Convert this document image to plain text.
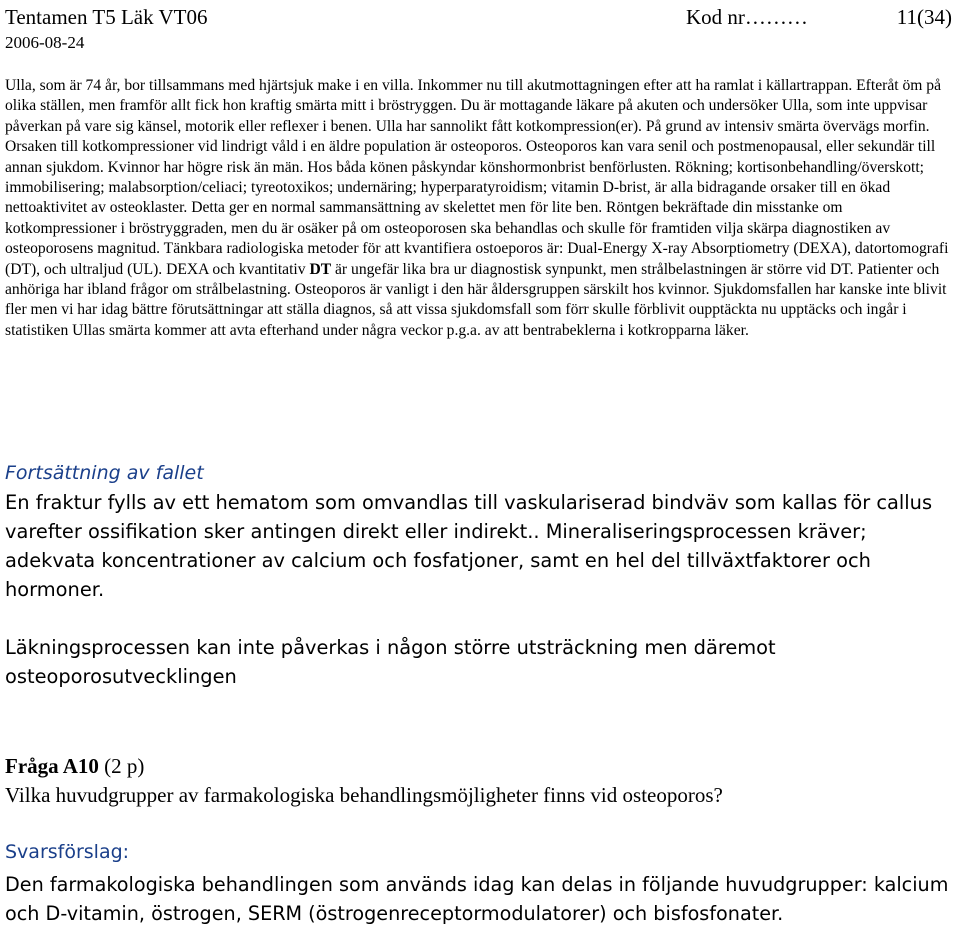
Tentamen T5 Läk VT06	Kod nr………	11(34)
2006-08-24

Ulla, som är 74 år, bor tillsammans med hjärtsjuk make i en villa. Inkommer nu till akutmottagningen efter att ha ramlat i källartrappan. Efteråt öm på olika ställen, men framför allt fick hon kraftig smärta mitt i bröstryggen. Du är mottagande läkare på akuten och undersöker Ulla, som inte uppvisar påverkan på vare sig känsel, motorik eller reflexer i benen. Ulla har sannolikt fått kotkompression(er). På grund av intensiv smärta övervägs morfin. Orsaken till kotkompressioner vid lindrigt våld i en äldre population är osteoporos. Osteoporos kan vara senil och postmenopausal, eller sekundär till annan sjukdom. Kvinnor har högre risk än män. Hos båda könen påskyndar könshormonbrist benförlusten. Rökning; kortisonbehandling/överskott; immobilisering; malabsorption/celiaci; tyreotoxikos; undernäring; hyperparatyroidism; vitamin D-brist, är alla bidragande orsaker till en ökad nettoaktivitet av osteoklaster. Detta ger en normal sammansättning av skelettet men för lite ben. Röntgen bekräftade din misstanke om kotkompressioner i bröstryggraden, men du är osäker på om osteoporosen ska behandlas och skulle för framtiden vilja skärpa diagnostiken av osteoporosens magnitud. Tänkbara radiologiska metoder för att kvantifiera ostoeporos är: Dual-Energy X-ray Absorptiometry (DEXA), datortomografi (DT), och ultraljud (UL). DEXA och kvantitativ DT är ungefär lika bra ur diagnostisk synpunkt, men strålbelastningen är större vid DT. Patienter och anhöriga har ibland frågor om strålbelastning. Osteoporos är vanligt i den här åldersgruppen särskilt hos kvinnor. Sjukdomsfallen har kanske inte blivit fler men vi har idag bättre förutsättningar att ställa diagnos, så att vissa sjukdomsfall som förr skulle förblivit oupptäckta nu upptäcks och ingår i statistiken Ullas smärta kommer att avta efterhand under några veckor p.g.a. av att bentrabeklerna i kotkropparna läker.

Fortsättning av fallet

En fraktur fylls av ett hematom som omvandlas till vaskulariserad bindväv som kallas för callus varefter ossifikation sker antingen direkt eller indirekt.. Mineraliseringsprocessen kräver; adekvata koncentrationer av calcium och fosfatjoner, samt en hel del tillväxtfaktorer och hormoner.

Läkningsprocessen kan inte påverkas i någon större utsträckning men däremot osteoporosutvecklingen

Fråga A10 (2 p)

Vilka huvudgrupper av farmakologiska behandlingsmöjligheter finns vid osteoporos?

Svarsförslag:

Den farmakologiska behandlingen som används idag kan delas in följande huvudgrupper: kalcium och D-vitamin, östrogen, SERM (östrogenreceptormodulatorer) och bisfosfonater.
